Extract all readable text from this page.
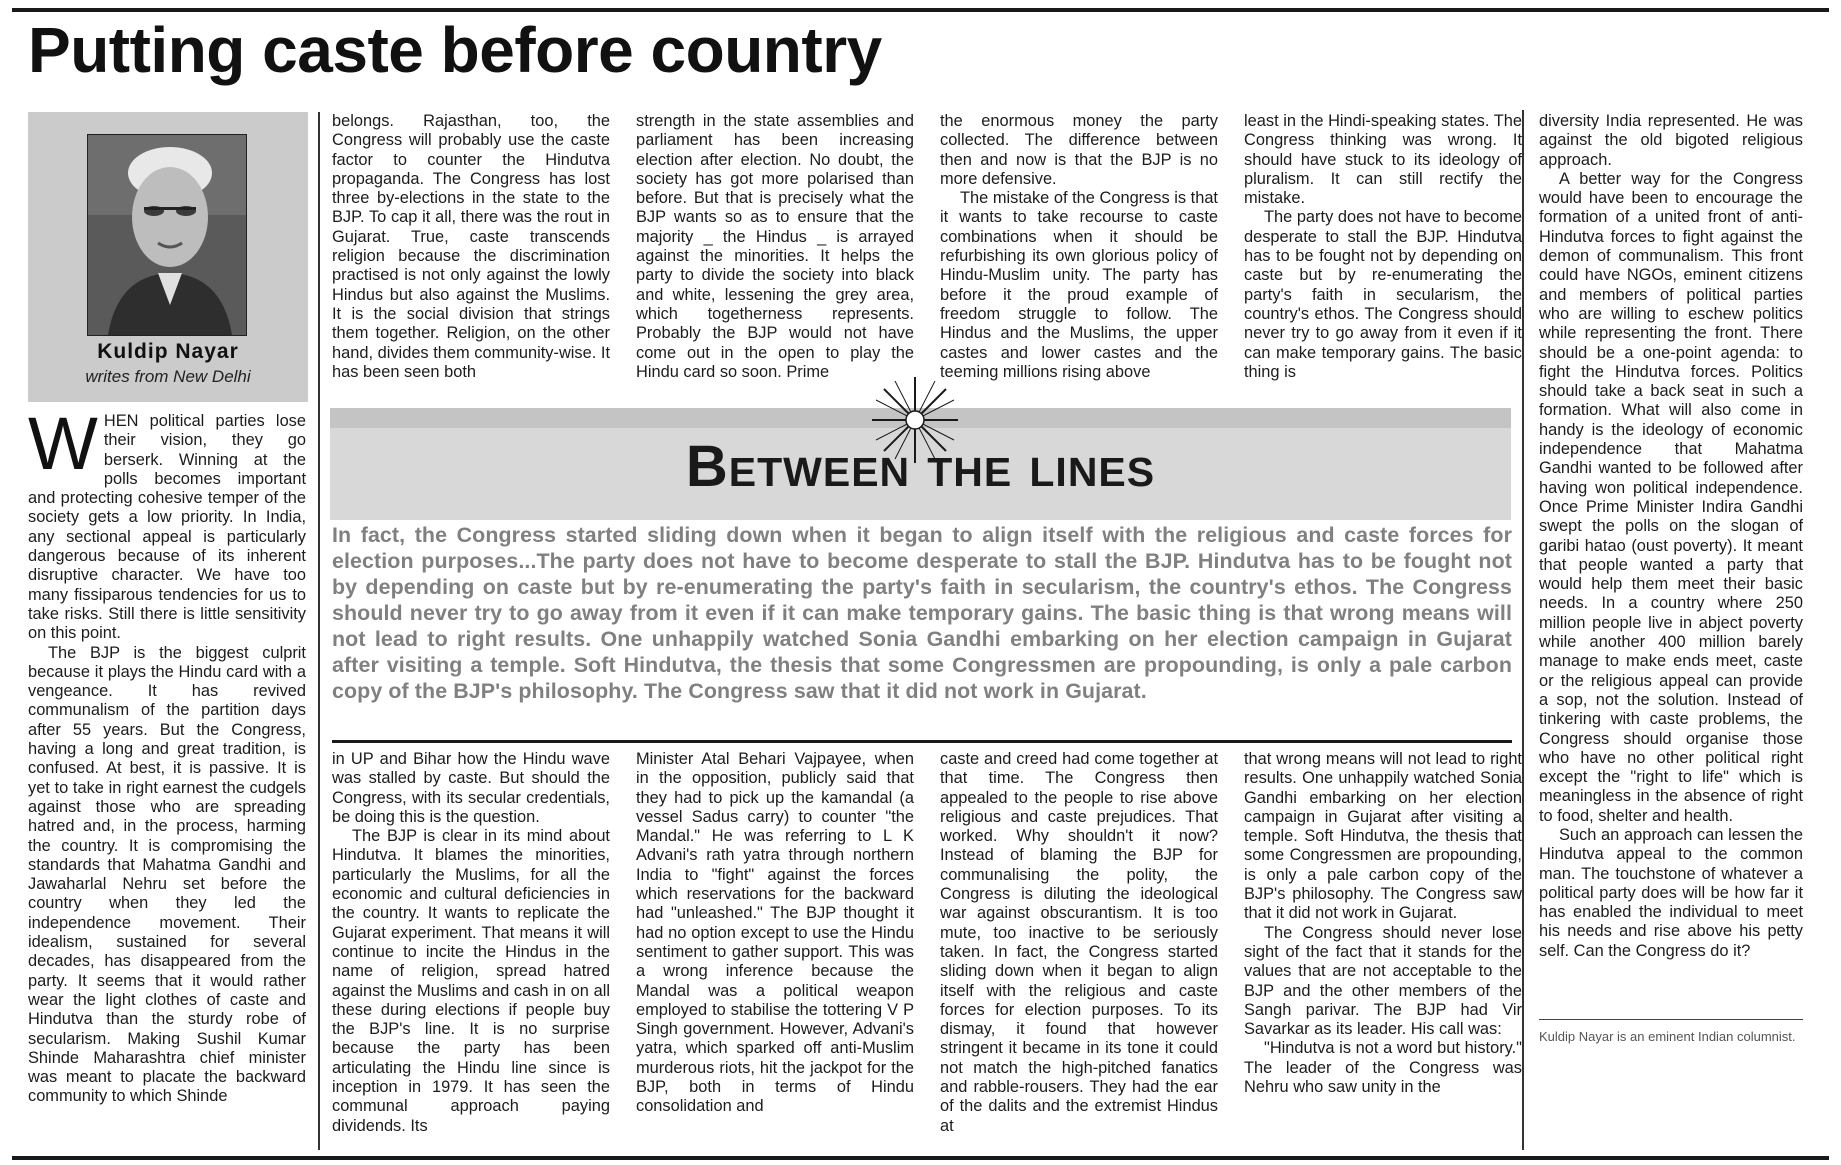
Putting caste before country

Kuldip Nayar

writes from New Delhi

WHEN political parties lose their vision, they go berserk. Winning at the polls becomes important and protecting cohesive temper of the society gets a low priority. In India, any sectional appeal is particularly dangerous because of its inherent disruptive character. We have too many fissiparous tendencies for us to take risks. Still there is little sensitivity on this point.

The BJP is the biggest culprit because it plays the Hindu card with a vengeance. It has revived communalism of the partition days after 55 years. But the Congress, having a long and great tradition, is confused. At best, it is passive. It is yet to take in right earnest the cudgels against those who are spreading hatred and, in the process, harming the country. It is compromising the standards that Mahatma Gandhi and Jawaharlal Nehru set before the country when they led the independence movement. Their idealism, sustained for several decades, has disappeared from the party. It seems that it would rather wear the light clothes of caste and Hindutva than the sturdy robe of secularism. Making Sushil Kumar Shinde Maharashtra chief minister was meant to placate the backward community to which Shinde

belongs. Rajasthan, too, the Congress will probably use the caste factor to counter the Hindutva propaganda. The Congress has lost three by-elections in the state to the BJP. To cap it all, there was the rout in Gujarat. True, caste transcends religion because the discrimination practised is not only against the lowly Hindus but also against the Muslims. It is the social division that strings them together. Religion, on the other hand, divides them community-wise. It has been seen both

strength in the state assemblies and parliament has been increasing election after election. No doubt, the society has got more polarised than before. But that is precisely what the BJP wants so as to ensure that the majority _ the Hindus _ is arrayed against the minorities. It helps the party to divide the society into black and white, lessening the grey area, which togetherness represents. Probably the BJP would not have come out in the open to play the Hindu card so soon. Prime

the enormous money the party collected. The difference between then and now is that the BJP is no more defensive.

The mistake of the Congress is that it wants to take recourse to caste combinations when it should be refurbishing its own glorious policy of Hindu-Muslim unity. The party has before it the proud example of freedom struggle to follow. The Hindus and the Muslims, the upper castes and lower castes and the teeming millions rising above

least in the Hindi-speaking states. The Congress thinking was wrong. It should have stuck to its ideology of pluralism. It can still rectify the mistake.

The party does not have to become desperate to stall the BJP. Hindutva has to be fought not by depending on caste but by re-enumerating the party's faith in secularism, the country's ethos. The Congress should never try to go away from it even if it can make temporary gains. The basic thing is

diversity India represented. He was against the old bigoted religious approach.

A better way for the Congress would have been to encourage the formation of a united front of anti-Hindutva forces to fight against the demon of communalism. This front could have NGOs, eminent citizens and members of political parties who are willing to eschew politics while representing the front. There should be a one-point agenda: to fight the Hindutva forces. Politics should take a back seat in such a formation. What will also come in handy is the ideology of economic independence that Mahatma Gandhi wanted to be followed after having won political independence. Once Prime Minister Indira Gandhi swept the polls on the slogan of garibi hatao (oust poverty). It meant that people wanted a party that would help them meet their basic needs. In a country where 250 million people live in abject poverty while another 400 million barely manage to make ends meet, caste or the religious appeal can provide a sop, not the solution. Instead of tinkering with caste problems, the Congress should organise those who have no other political right except the "right to life" which is meaningless in the absence of right to food, shelter and health.

Such an approach can lessen the Hindutva appeal to the common man. The touchstone of whatever a political party does will be how far it has enabled the individual to meet his needs and rise above his petty self. Can the Congress do it?

Kuldip Nayar is an eminent Indian columnist.

Between the lines

In fact, the Congress started sliding down when it began to align itself with the religious and caste forces for election purposes...The party does not have to become desperate to stall the BJP. Hindutva has to be fought not by depending on caste but by re-enumerating the party's faith in secularism, the country's ethos. The Congress should never try to go away from it even if it can make temporary gains. The basic thing is that wrong means will not lead to right results. One unhappily watched Sonia Gandhi embarking on her election campaign in Gujarat after visiting a temple. Soft Hindutva, the thesis that some Congressmen are propounding, is only a pale carbon copy of the BJP's philosophy. The Congress saw that it did not work in Gujarat.

in UP and Bihar how the Hindu wave was stalled by caste. But should the Congress, with its secular credentials, be doing this is the question.

The BJP is clear in its mind about Hindutva. It blames the minorities, particularly the Muslims, for all the economic and cultural deficiencies in the country. It wants to replicate the Gujarat experiment. That means it will continue to incite the Hindus in the name of religion, spread hatred against the Muslims and cash in on all these during elections if people buy the BJP's line. It is no surprise because the party has been articulating the Hindu line since is inception in 1979. It has seen the communal approach paying dividends. Its

Minister Atal Behari Vajpayee, when in the opposition, publicly said that they had to pick up the kamandal (a vessel Sadus carry) to counter "the Mandal." He was referring to L K Advani's rath yatra through northern India to "fight" against the forces which reservations for the backward had "unleashed." The BJP thought it had no option except to use the Hindu sentiment to gather support. This was a wrong inference because the Mandal was a political weapon employed to stabilise the tottering V P Singh government. However, Advani's yatra, which sparked off anti-Muslim murderous riots, hit the jackpot for the BJP, both in terms of Hindu consolidation and

caste and creed had come together at that time. The Congress then appealed to the people to rise above religious and caste prejudices. That worked. Why shouldn't it now? Instead of blaming the BJP for communalising the polity, the Congress is diluting the ideological war against obscurantism. It is too mute, too inactive to be seriously taken. In fact, the Congress started sliding down when it began to align itself with the religious and caste forces for election purposes. To its dismay, it found that however stringent it became in its tone it could not match the high-pitched fanatics and rabble-rousers. They had the ear of the dalits and the extremist Hindus at

that wrong means will not lead to right results. One unhappily watched Sonia Gandhi embarking on her election campaign in Gujarat after visiting a temple. Soft Hindutva, the thesis that some Congressmen are propounding, is only a pale carbon copy of the BJP's philosophy. The Congress saw that it did not work in Gujarat.

The Congress should never lose sight of the fact that it stands for the values that are not acceptable to the BJP and the other members of the Sangh parivar. The BJP had Vir Savarkar as its leader. His call was:

"Hindutva is not a word but history." The leader of the Congress was Nehru who saw unity in the
